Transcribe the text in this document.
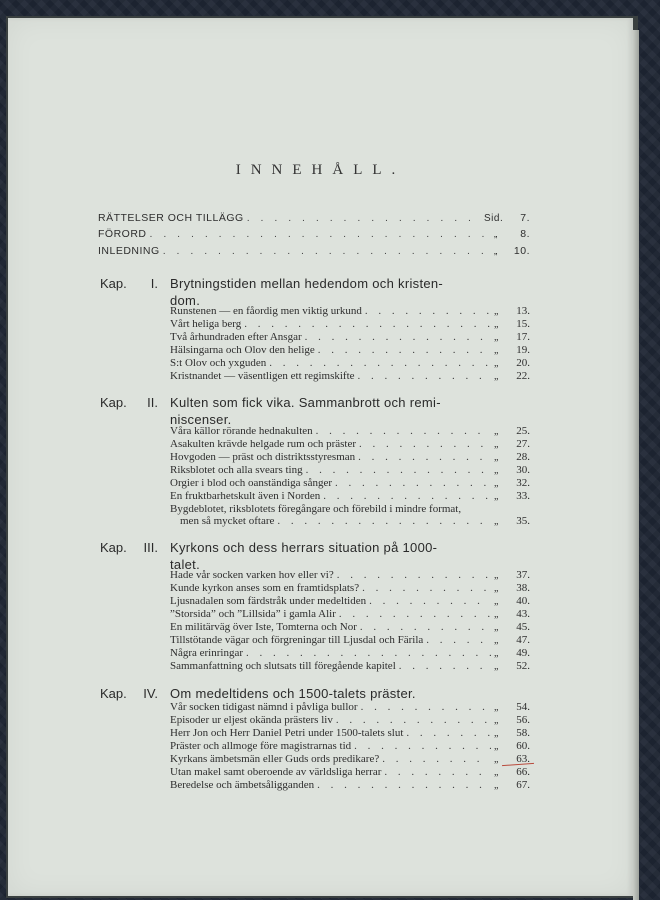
INNEHÅLL.
RÄTTELSER OCH TILLÄGG . . .	Sid.	7.
FÖRORD . . .	„	8.
INLEDNING . . .	„	10.
Kap.	I. Brytningstiden mellan hedendom och kristen-
dom.
Runstenen — en fåordig men viktig urkund . . .	„	13.
Vårt heliga berg . . .	„	15.
Två århundraden efter Ansgar . . .	„	17.
Hälsingarna och Olov den helige . . .	„	19.
S:t Olov och yxguden . . .	„	20.
Kristnandet — väsentligen ett regimskifte . . .	„	22.
Kap.	II. Kulten som fick vika. Sammanbrott och remi-
niscenser.
Våra källor rörande hednakulten . . .	„	25.
Asakulten krävde helgade rum och präster . . .	„	27.
Hovgoden — präst och distriktsstyresman . . .	„	28.
Riksblotet och alla svears ting . . .	„	30.
Orgier i blod och oanständiga sånger . . .	„	32.
En fruktbarhetskult även i Norden . . .	„	33.
Bygdeblotet, riksblotets föregångare och förebild i mindre format,
men så mycket oftare . . .	„	35.
Kap.	III. Kyrkons och dess herrars situation på 1000-
talet.
Hade vår socken varken hov eller vi? . . .	„	37.
Kunde kyrkon anses som en framtidsplats? . . .	„	38.
Ljusnadalen som färdstråk under medeltiden . . .	„	40.
”Storsida” och ”Lillsida” i gamla Alir . . .	„	43.
En militärväg över Iste, Tomterna och Nor . . .	„	45.
Tillstötande vägar och förgreningar till Ljusdal och Färila . . .	„	47.
Några erinringar . . .	„	49.
Sammanfattning och slutsats till föregående kapitel . . .	„	52.
Kap.	IV. Om medeltidens och 1500-talets präster.
Vår socken tidigast nämnd i påvliga bullor . . .	„	54.
Episoder ur eljest okända prästers liv . . .	„	56.
Herr Jon och Herr Daniel Petri under 1500-talets slut . . .	„	58.
Präster och allmoge före magistrarnas tid . . .	„	60.
Kyrkans ämbetsmän eller Guds ords predikare? . . .	„	63.
Utan makel samt oberoende av världsliga herrar . . .	„	66.
Beredelse och ämbetsåligganden . . .	„	67.
